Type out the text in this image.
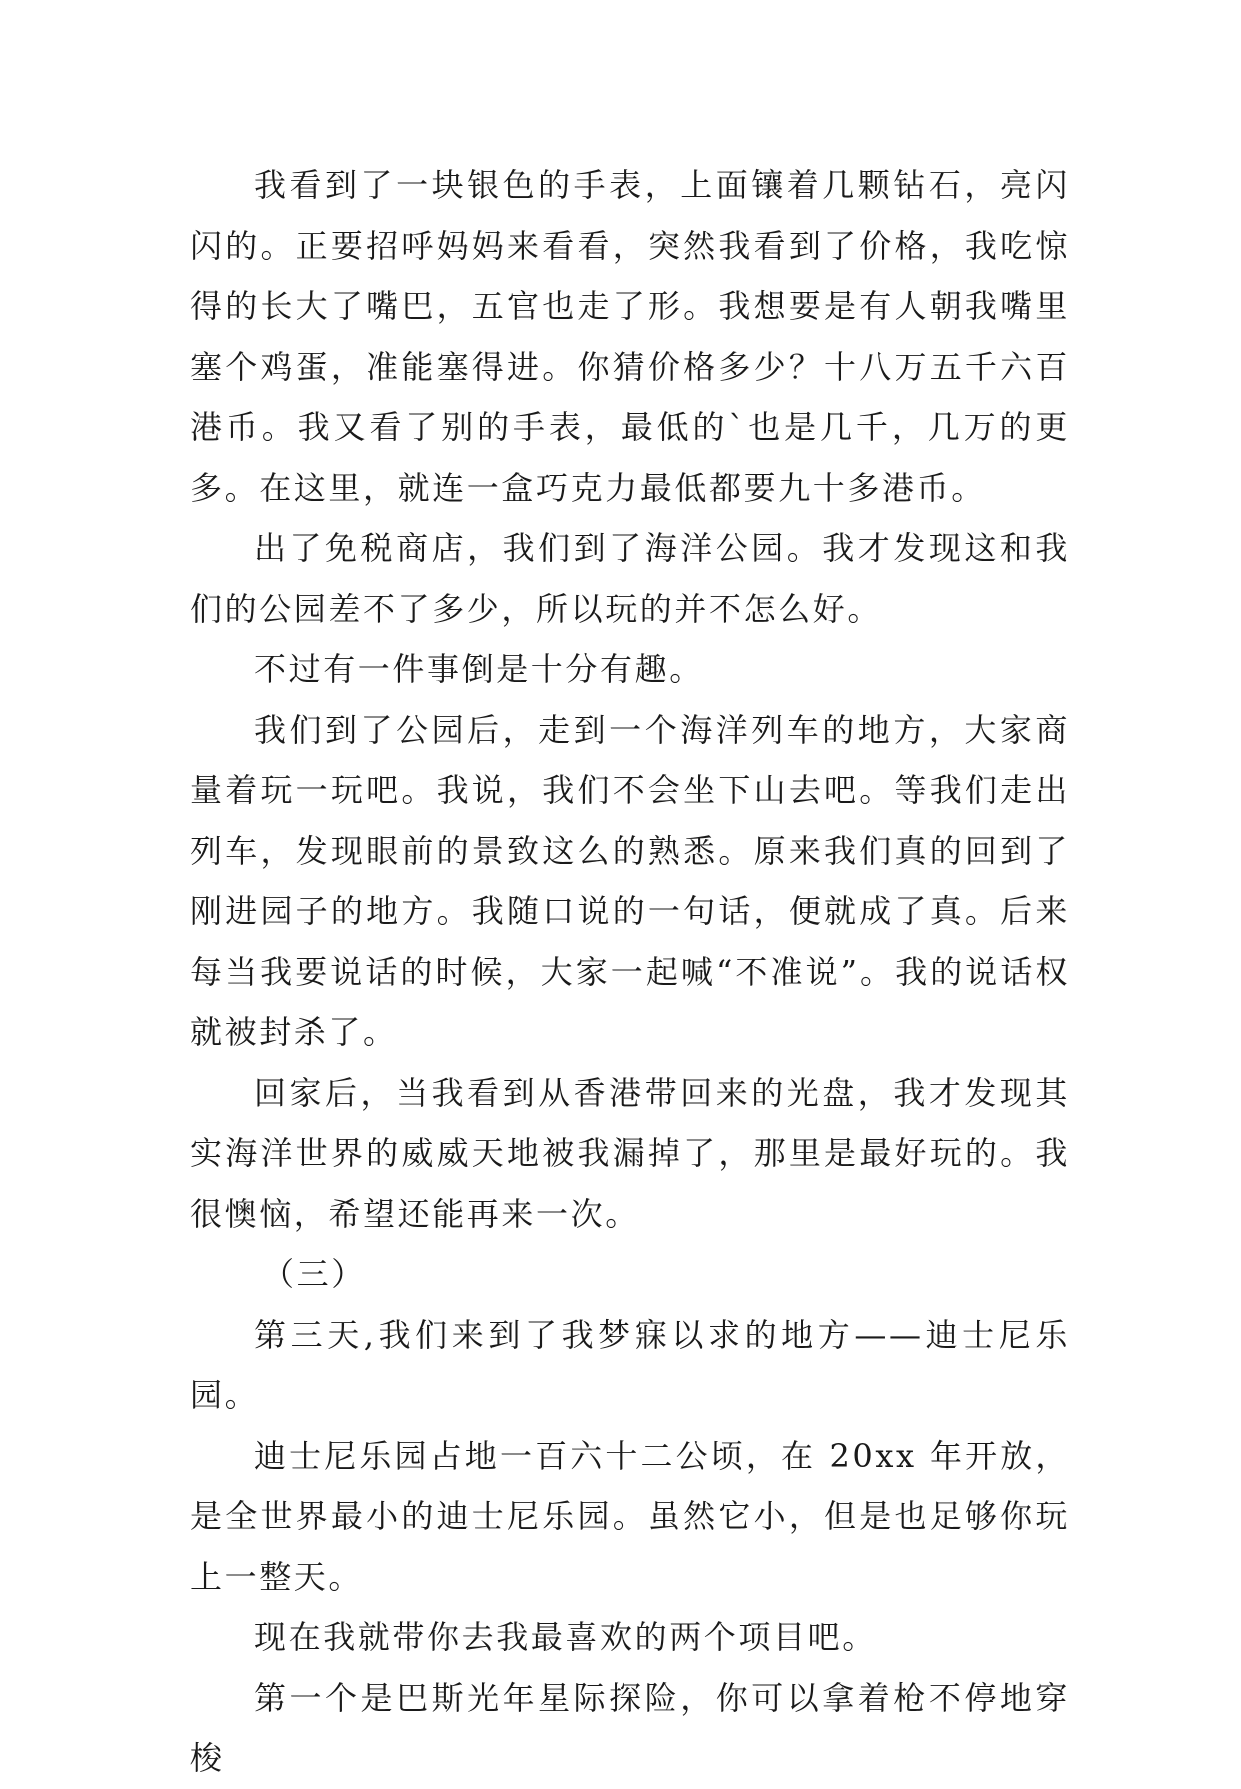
我看到了一块银色的手表，上面镶着几颗钻石，亮闪闪的。正要招呼妈妈来看看，突然我看到了价格，我吃惊得的长大了嘴巴，五官也走了形。我想要是有人朝我嘴里塞个鸡蛋，准能塞得进。你猜价格多少？十八万五千六百港币。我又看了别的手表，最低的`也是几千，几万的更多。在这里，就连一盒巧克力最低都要九十多港币。

出了免税商店，我们到了海洋公园。我才发现这和我们的公园差不了多少，所以玩的并不怎么好。

不过有一件事倒是十分有趣。

我们到了公园后，走到一个海洋列车的地方，大家商量着玩一玩吧。我说，我们不会坐下山去吧。等我们走出列车，发现眼前的景致这么的熟悉。原来我们真的回到了刚进园子的地方。我随口说的一句话，便就成了真。后来每当我要说话的时候，大家一起喊“不准说”。我的说话权就被封杀了。

回家后，当我看到从香港带回来的光盘，我才发现其实海洋世界的威威天地被我漏掉了，那里是最好玩的。我很懊恼，希望还能再来一次。

（三）

第三天,我们来到了我梦寐以求的地方——迪士尼乐园。

迪士尼乐园占地一百六十二公顷，在 20xx 年开放，是全世界最小的迪士尼乐园。虽然它小，但是也足够你玩上一整天。

现在我就带你去我最喜欢的两个项目吧。

第一个是巴斯光年星际探险，你可以拿着枪不停地穿梭
